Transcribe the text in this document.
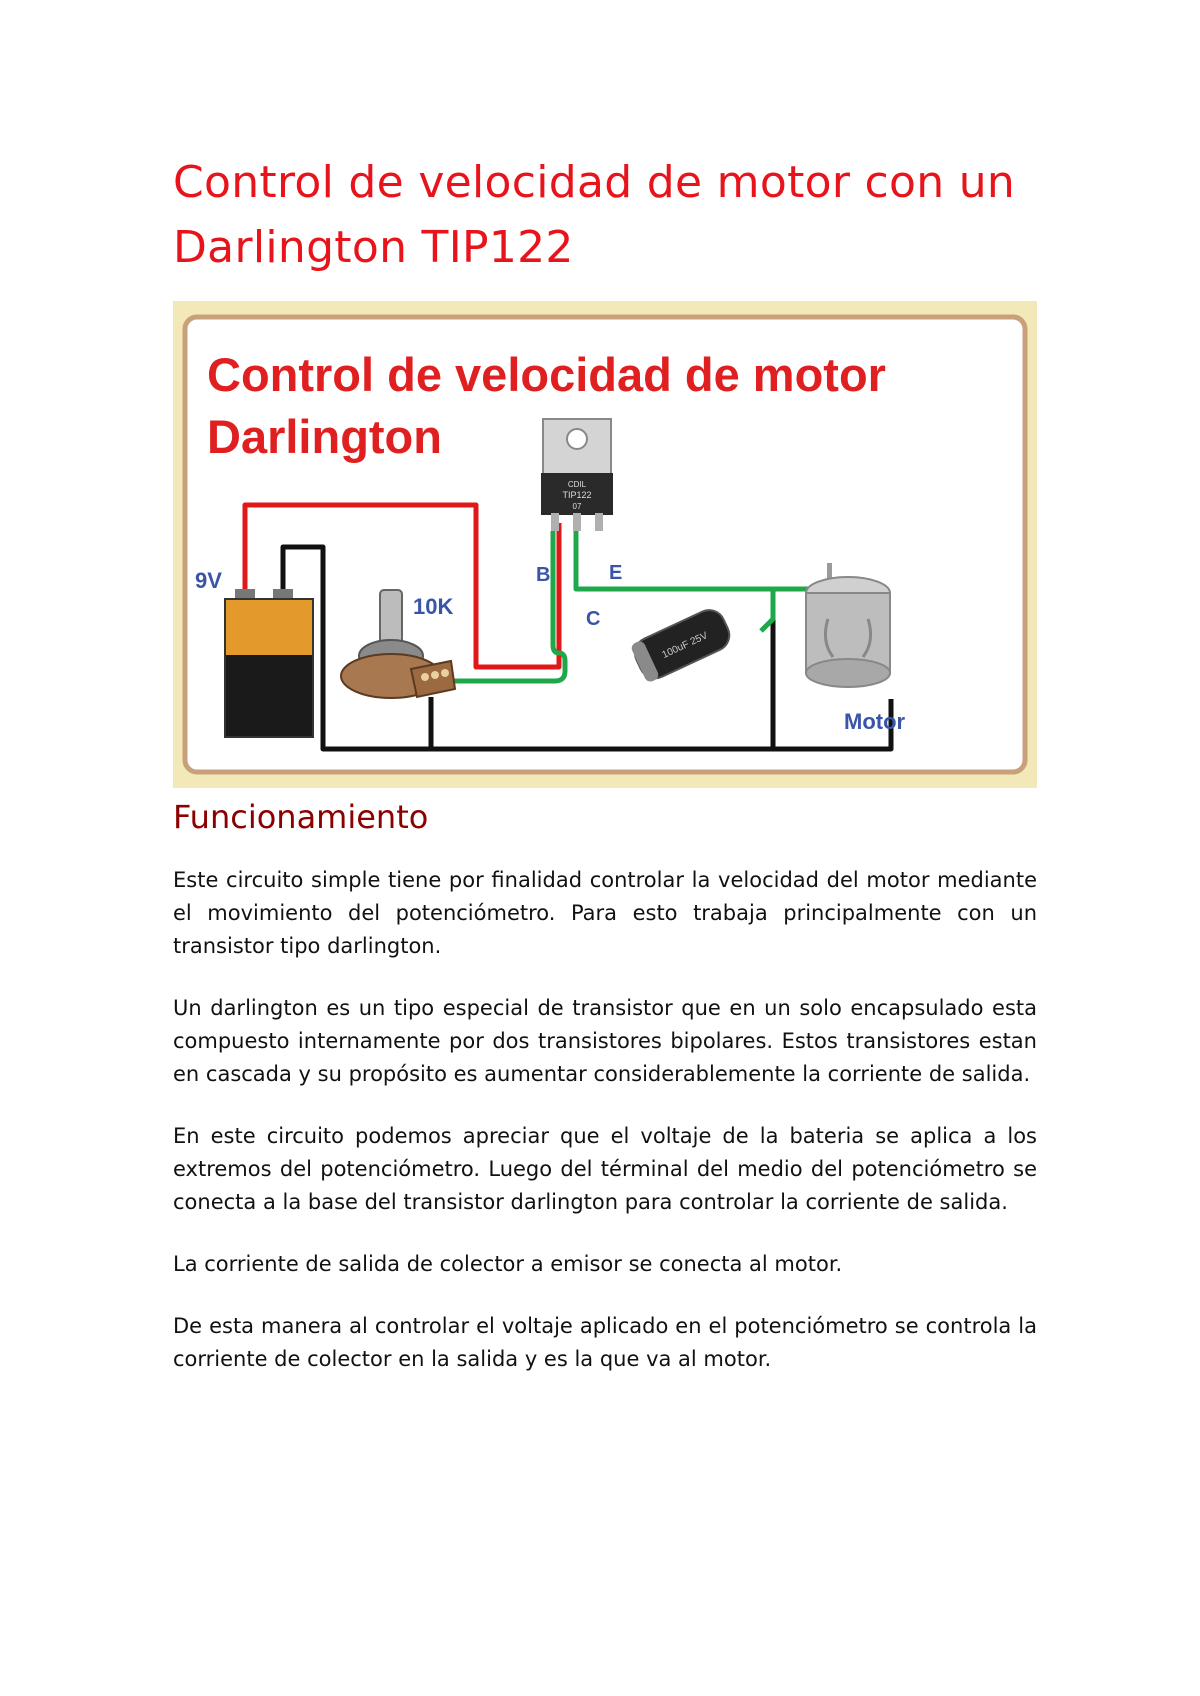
Control de velocidad de motor con un Darlington TIP122
Control de velocidad de motor
Darlington
9V
10K
CDIL
TIP122
07
B	E
C
100uF 25V
Motor
Funcionamiento

Este circuito simple tiene por finalidad controlar la velocidad del motor mediante el movimiento del potenciómetro. Para esto trabaja principalmente con un transistor tipo darlington.

Un darlington es un tipo especial de transistor que en un solo encapsulado esta compuesto internamente por dos transistores bipolares. Estos transistores estan en cascada y su propósito es aumentar considerablemente la corriente de salida.

En este circuito podemos apreciar que el voltaje de la bateria se aplica a los extremos del potenciómetro. Luego del términal del medio del potenciómetro se conecta a la base del transistor darlington para controlar la corriente de salida.

La corriente de salida de colector a emisor se conecta al motor.

De esta manera al controlar el voltaje aplicado en el potenciómetro se controla la corriente de colector en la salida y es la que va al motor.
